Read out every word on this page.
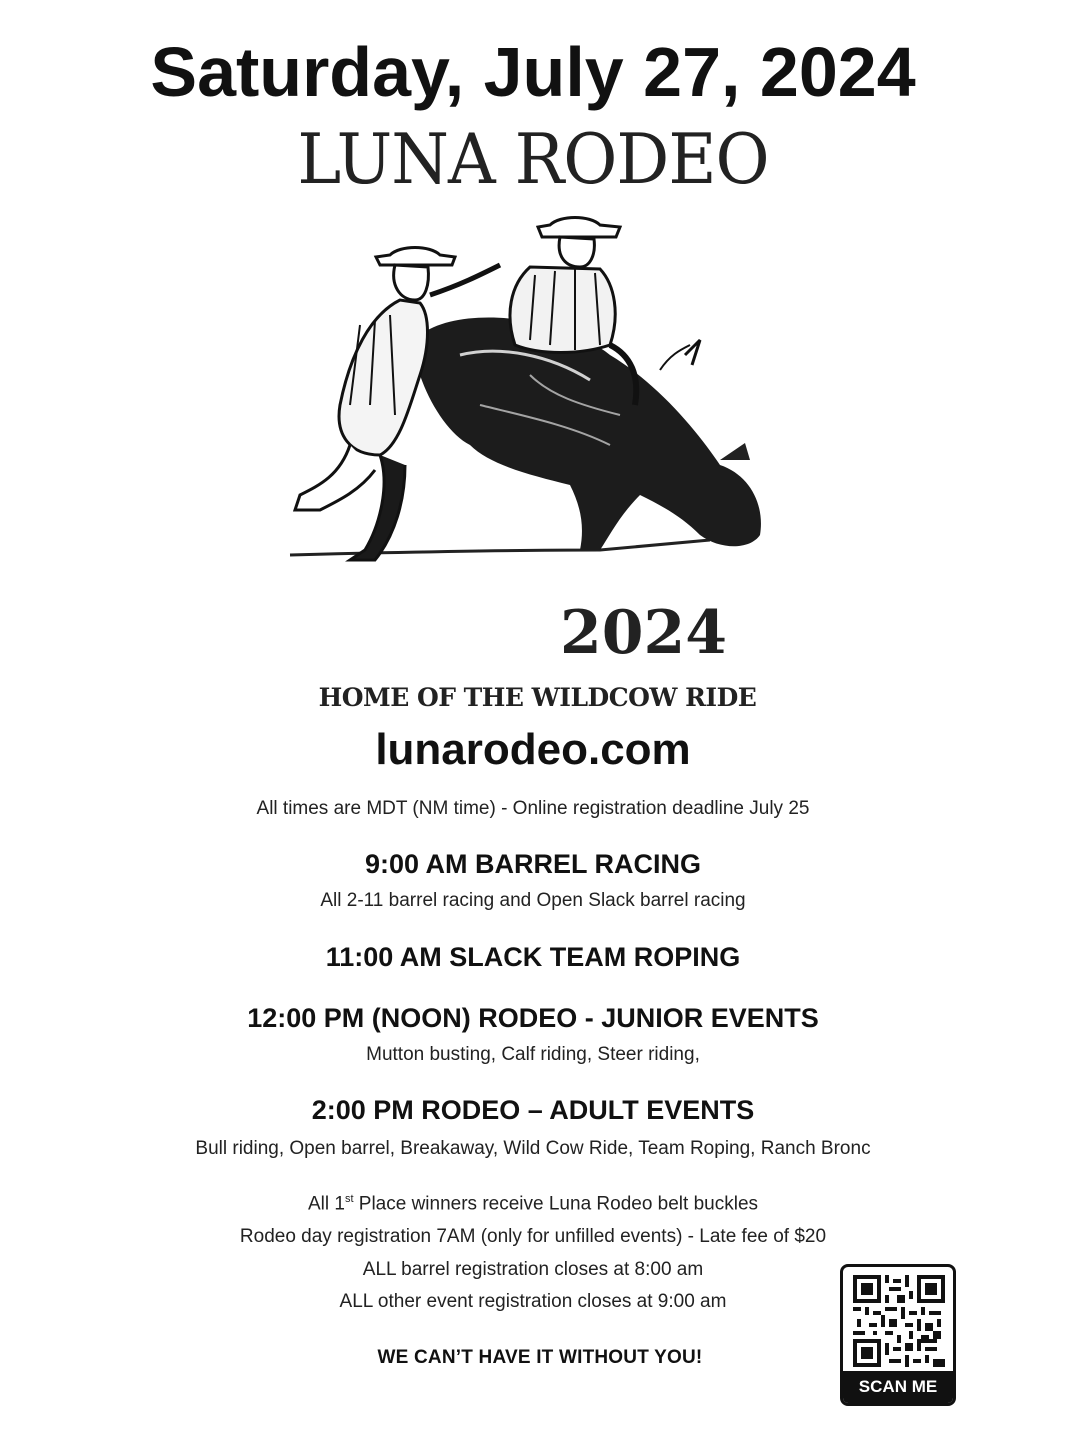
Saturday, July 27, 2024
LUNA RODEO
2024
HOME OF THE WILDCOW RIDE
lunarodeo.com
All times are MDT (NM time) - Online registration deadline July 25
9:00 AM BARREL RACING
All 2-11 barrel racing and Open Slack barrel racing
11:00 AM SLACK TEAM ROPING
12:00 PM (NOON) RODEO - JUNIOR EVENTS
Mutton busting, Calf riding, Steer riding,
2:00 PM RODEO – ADULT EVENTS
Bull riding, Open barrel, Breakaway, Wild Cow Ride, Team Roping, Ranch Bronc
All 1st Place winners receive Luna Rodeo belt buckles
Rodeo day registration 7AM (only for unfilled events) - Late fee of $20
ALL barrel registration closes at 8:00 am
ALL other event registration closes at 9:00 am
WE CAN’T HAVE IT WITHOUT YOU!
SCAN ME
